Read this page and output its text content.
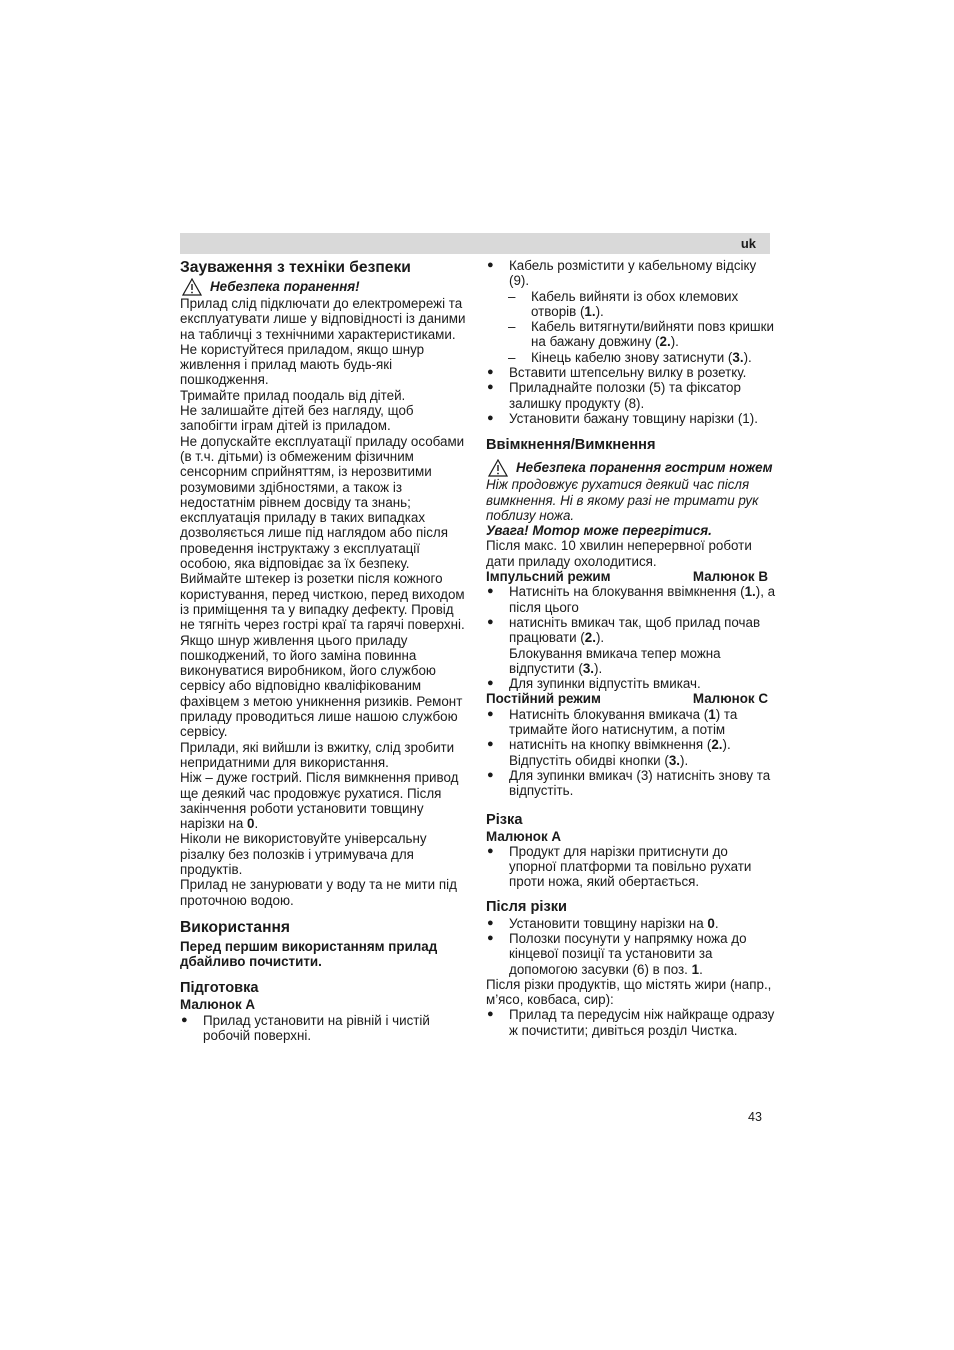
uk
Зауваження з техніки безпеки
Небезпека поранення!

Прилад слід підключати до електромережі та експлуатувати лише у відповідності із даними на табличці з технічними характеристиками.

Не користуйтеся приладом, якщо шнур живлення і прилад мають будь-які пошкодження.

Тримайте прилад поодаль від дітей.

Не залишайте дітей без нагляду, щоб запобігти іграм дітей із приладом.

Не допускайте експлуатації приладу особами (в т.ч. дітьми) із обмеженим фізичним сенсорним сприйняттям, із нерозвитими розумовими здібностями, а також із недостатнім рівнем досвіду та знань; експлуатація приладу в таких випадках дозволяється лише під наглядом або після проведення інструктажу з експлуатації особою, яка відповідає за їх безпеку.

Виймайте штекер із розетки після кожного користування, перед чисткою, перед виходом із приміщення та у випадку дефекту. Провід не тягніть через гострі краї та гарячі поверхні.

Якщо шнур живлення цього приладу пошкоджений, то його заміна повинна виконуватися виробником, його службою сервісу або відповідно кваліфікованим фахівцем з метою уникнення ризиків. Ремонт приладу проводиться лише нашою службою сервісу.

Прилади, які вийшли із вжитку, слід зробити непридатними для використання.

Ніж – дуже гострий. Після вимкнення привод ще деякий час продовжує рухатися. Після закінчення роботи установити товщину нарізки на 0.

Ніколи не використовуйте універсальну різалку без полозків і утримувача для продуктів.

Прилад не занурювати у воду та не мити під проточною водою.

Використання

Перед першим використанням прилад дбайливо почистити.

Підготовка

Малюнок A

●	Прилад установити на рівній і чистій робочій поверхні.
●	Кабель розмістити у кабельному відсіку (9).
–	Кабель вийняти із обох клемових отворів (1.).
–	Кабель витягнути/вийняти повз кришки на бажану довжину (2.).
–	Кінець кабелю знову затиснути (3.).
●	Вставити штепсельну вилку в розетку.
●	Приладнайте полозки (5) та фіксатор залишку продукту (8).
●	Установити бажану товщину нарізки (1).
Ввімкнення/Вимкнення
Небезпека поранення гострим ножем

Ніж продовжує рухатися деякий час після вимкнення. Ні в якому разі не тримати рук поблизу ножа.

Увага! Мотор може перегрітися.

Після макс. 10 хвилин неперервної роботи дати приладу охолодитися.

Імпульсний режим	Малюнок B
●	Натисніть на блокування ввімкнення (1.), а після цього
●	натисніть вмикач так, щоб прилад почав працювати (2.).
Блокування вмикача тепер можна відпустити (3.).
●	Для зупинки відпустіть вмикач.
Постійний режим	Малюнок C
●	Натисніть блокування вмикача (1) та тримайте його натиснутим, а потім
●	натисніть на кнопку ввімкнення (2.). Відпустіть обидві кнопки (3.).
●	Для зупинки вмикач (3) натисніть знову та відпустіть.
Різка

Малюнок A

●	Продукт для нарізки притиснути до упорної платформи та повільно рухати проти ножа, який обертається.
Після різки
●	Установити товщину нарізки на 0.
●	Полозки посунути у напрямку ножа до кінцевої позиції та установити за допомогою засувки (6) в поз. 1.

Після різки продуктів, що містять жири (напр., м’ясо, ковбаса, сир):

●	Прилад та передусім ніж найкраще одразу ж почистити; дивіться розділ Чистка.
43
